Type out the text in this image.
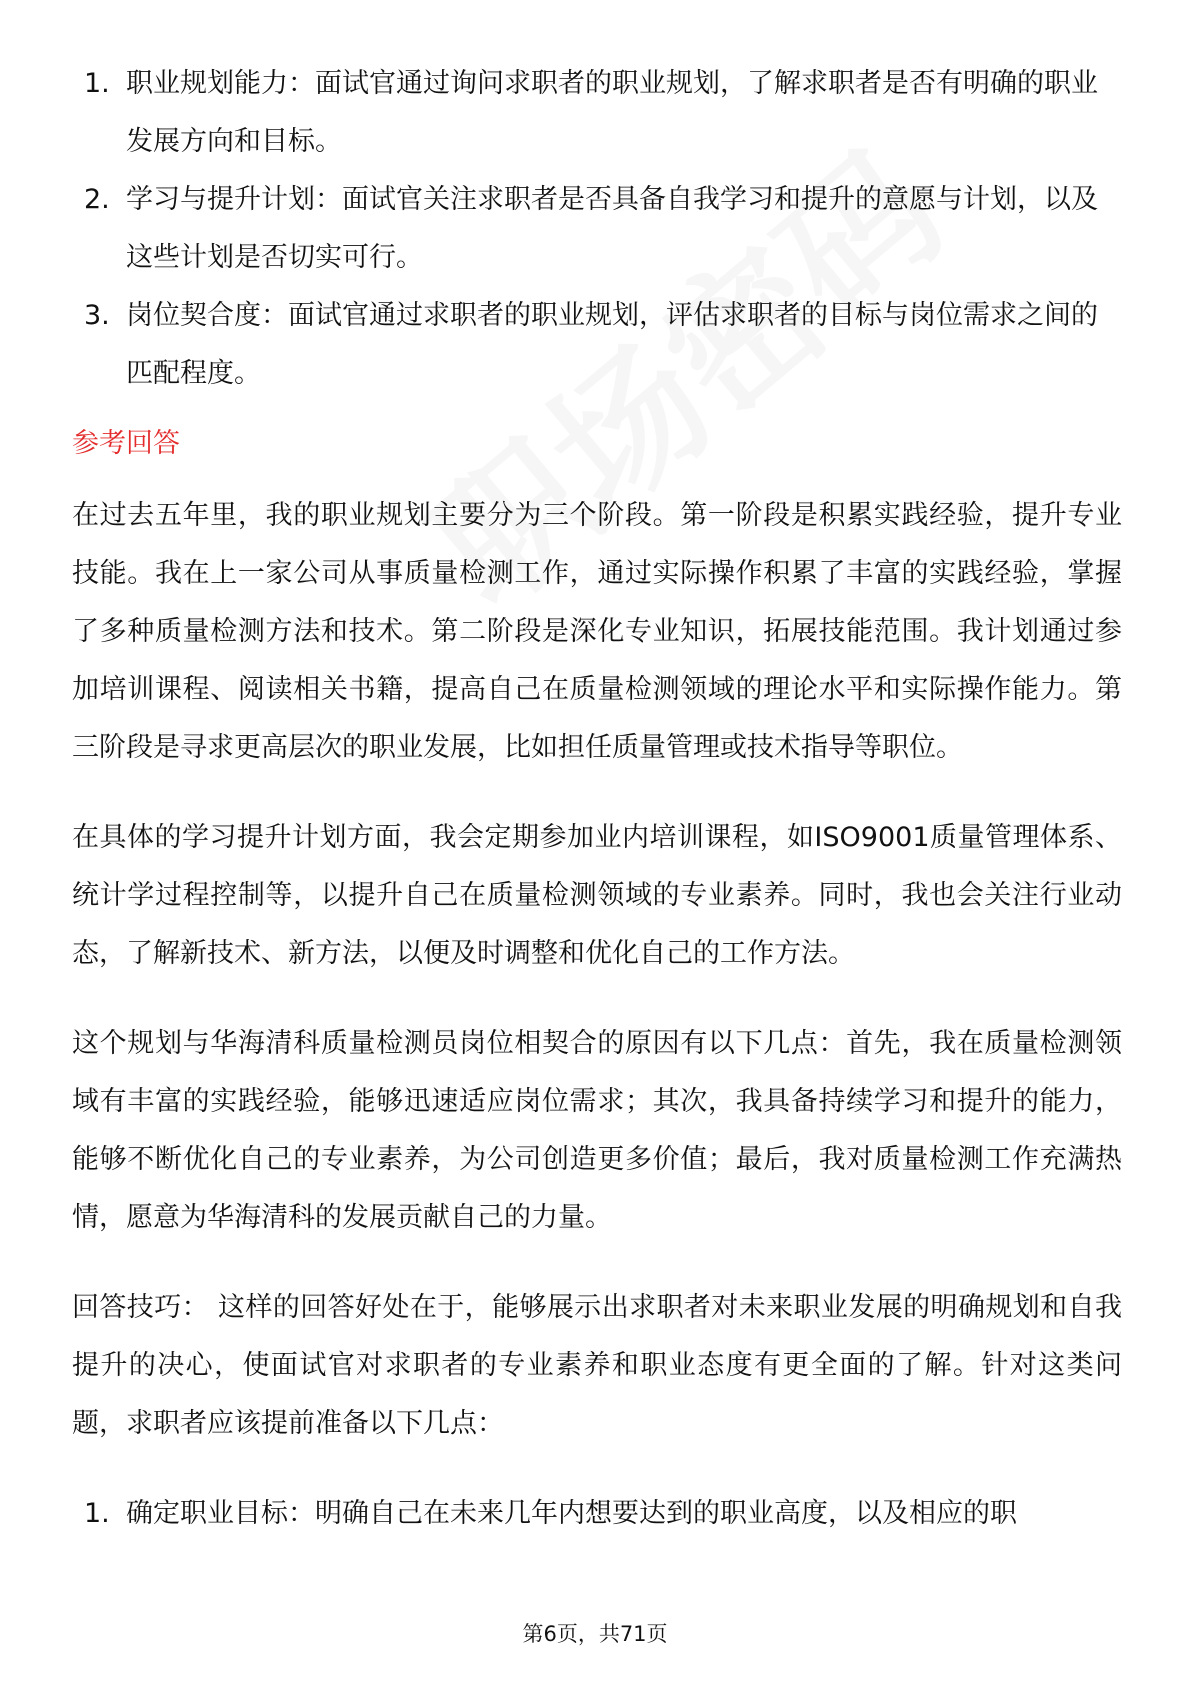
1. 职业规划能力：面试官通过询问求职者的职业规划，了解求职者是否有明确的职业发展方向和目标。
2. 学习与提升计划：面试官关注求职者是否具备自我学习和提升的意愿与计划，以及这些计划是否切实可行。
3. 岗位契合度：面试官通过求职者的职业规划，评估求职者的目标与岗位需求之间的匹配程度。
参考回答

在过去五年里，我的职业规划主要分为三个阶段。第一阶段是积累实践经验，提升专业技能。我在上一家公司从事质量检测工作，通过实际操作积累了丰富的实践经验，掌握了多种质量检测方法和技术。第二阶段是深化专业知识，拓展技能范围。我计划通过参加培训课程、阅读相关书籍，提高自己在质量检测领域的理论水平和实际操作能力。第三阶段是寻求更高层次的职业发展，比如担任质量管理或技术指导等职位。

在具体的学习提升计划方面，我会定期参加业内培训课程，如ISO9001质量管理体系、统计学过程控制等，以提升自己在质量检测领域的专业素养。同时，我也会关注行业动态，了解新技术、新方法，以便及时调整和优化自己的工作方法。

这个规划与华海清科质量检测员岗位相契合的原因有以下几点：首先，我在质量检测领域有丰富的实践经验，能够迅速适应岗位需求；其次，我具备持续学习和提升的能力，能够不断优化自己的专业素养，为公司创造更多价值；最后，我对质量检测工作充满热情，愿意为华海清科的发展贡献自己的力量。

回答技巧： 这样的回答好处在于，能够展示出求职者对未来职业发展的明确规划和自我提升的决心，使面试官对求职者的专业素养和职业态度有更全面的了解。针对这类问题，求职者应该提前准备以下几点：

1. 确定职业目标：明确自己在未来几年内想要达到的职业高度，以及相应的职
第6页，共71页
